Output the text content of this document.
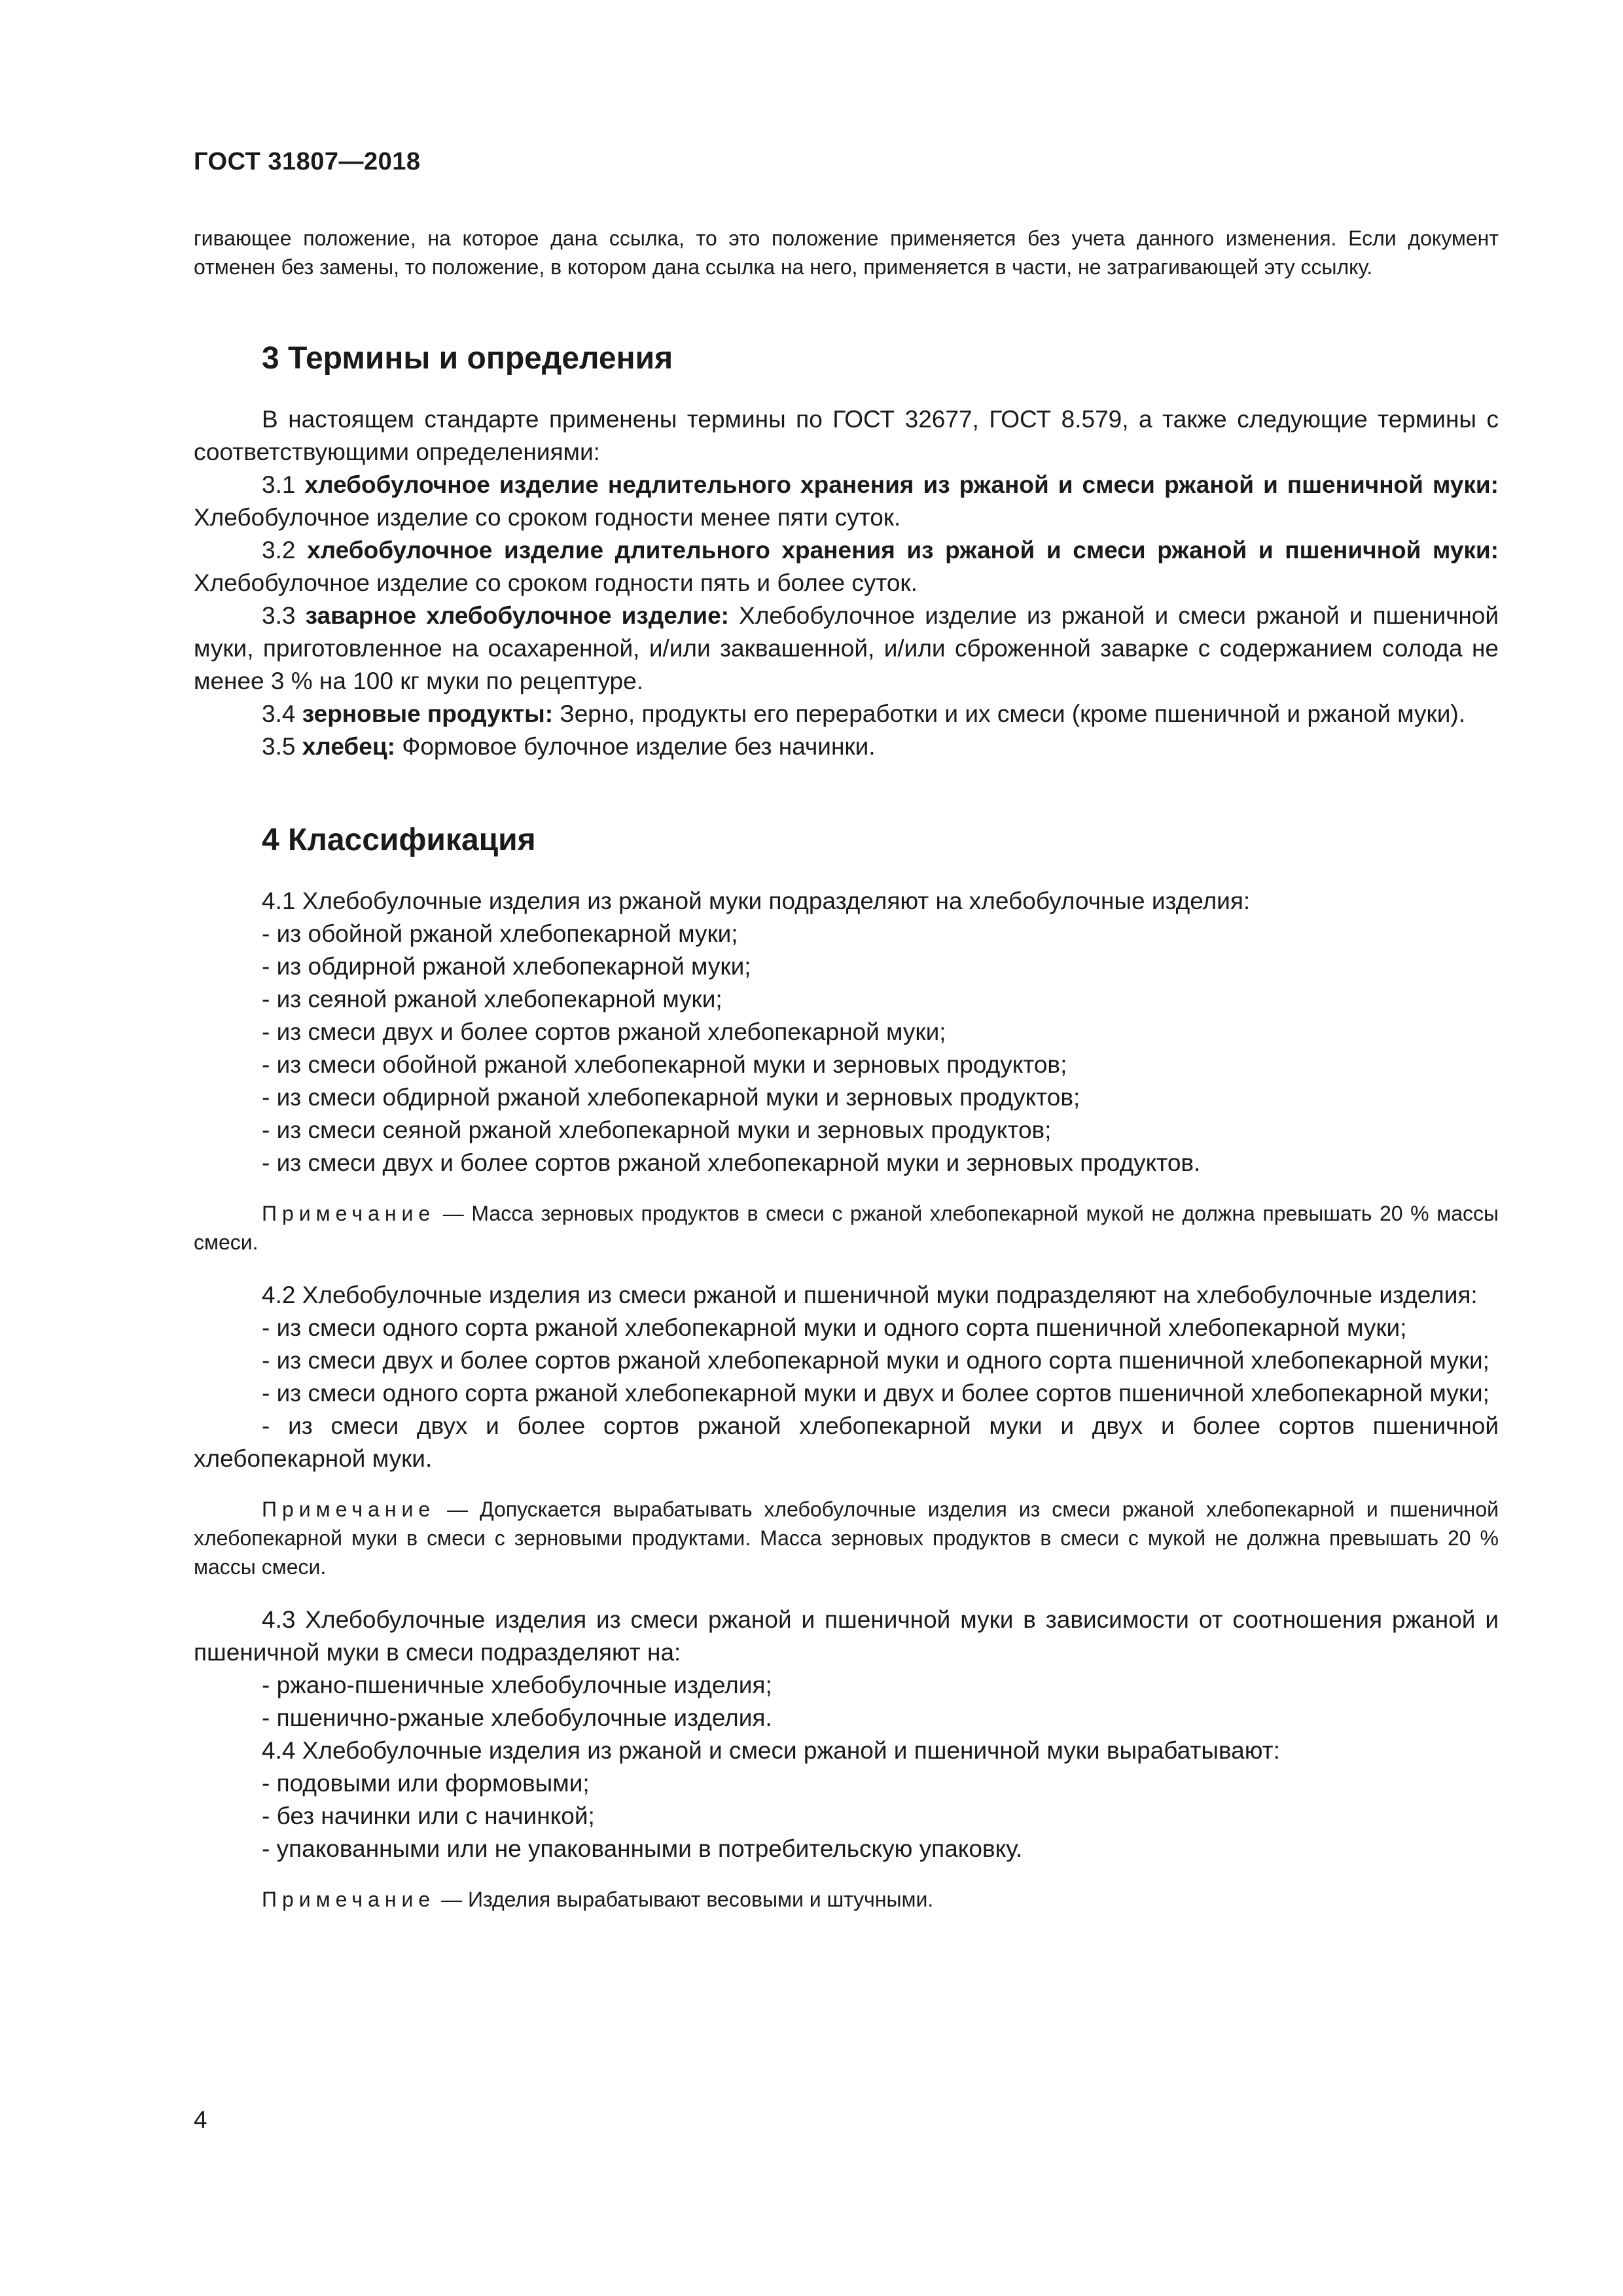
ГОСТ 31807—2018

гивающее положение, на которое дана ссылка, то это положение применяется без учета данного изменения. Если документ отменен без замены, то положение, в котором дана ссылка на него, применяется в части, не затрагивающей эту ссылку.

3 Термины и определения

В настоящем стандарте применены термины по ГОСТ 32677, ГОСТ 8.579, а также следующие термины с соответствующими определениями:

3.1 хлебобулочное изделие недлительного хранения из ржаной и смеси ржаной и пшеничной муки: Хлебобулочное изделие со сроком годности менее пяти суток.

3.2 хлебобулочное изделие длительного хранения из ржаной и смеси ржаной и пшеничной муки: Хлебобулочное изделие со сроком годности пять и более суток.

3.3 заварное хлебобулочное изделие: Хлебобулочное изделие из ржаной и смеси ржаной и пшеничной муки, приготовленное на осахаренной, и/или заквашенной, и/или сброженной заварке с содержанием солода не менее 3 % на 100 кг муки по рецептуре.

3.4 зерновые продукты: Зерно, продукты его переработки и их смеси (кроме пшеничной и ржаной муки).

3.5 хлебец: Формовое булочное изделие без начинки.

4 Классификация

4.1 Хлебобулочные изделия из ржаной муки подразделяют на хлебобулочные изделия:

- из обойной ржаной хлебопекарной муки;

- из обдирной ржаной хлебопекарной муки;

- из сеяной ржаной хлебопекарной муки;

- из смеси двух и более сортов ржаной хлебопекарной муки;

- из смеси обойной ржаной хлебопекарной муки и зерновых продуктов;

- из смеси обдирной ржаной хлебопекарной муки и зерновых продуктов;

- из смеси сеяной ржаной хлебопекарной муки и зерновых продуктов;

- из смеси двух и более сортов ржаной хлебопекарной муки и зерновых продуктов.

Примечание — Масса зерновых продуктов в смеси с ржаной хлебопекарной мукой не должна превышать 20 % массы смеси.

4.2 Хлебобулочные изделия из смеси ржаной и пшеничной муки подразделяют на хлебобулочные изделия:

- из смеси одного сорта ржаной хлебопекарной муки и одного сорта пшеничной хлебопекарной муки;

- из смеси двух и более сортов ржаной хлебопекарной муки и одного сорта пшеничной хлебопекарной муки;

- из смеси одного сорта ржаной хлебопекарной муки и двух и более сортов пшеничной хлебопекарной муки;

- из смеси двух и более сортов ржаной хлебопекарной муки и двух и более сортов пшеничной хлебопекарной муки.

Примечание — Допускается вырабатывать хлебобулочные изделия из смеси ржаной хлебопекарной и пшеничной хлебопекарной муки в смеси с зерновыми продуктами. Масса зерновых продуктов в смеси с мукой не должна превышать 20 % массы смеси.

4.3 Хлебобулочные изделия из смеси ржаной и пшеничной муки в зависимости от соотношения ржаной и пшеничной муки в смеси подразделяют на:

- ржано-пшеничные хлебобулочные изделия;

- пшенично-ржаные хлебобулочные изделия.

4.4 Хлебобулочные изделия из ржаной и смеси ржаной и пшеничной муки вырабатывают:

- подовыми или формовыми;

- без начинки или с начинкой;

- упакованными или не упакованными в потребительскую упаковку.

Примечание — Изделия вырабатывают весовыми и штучными.

4
